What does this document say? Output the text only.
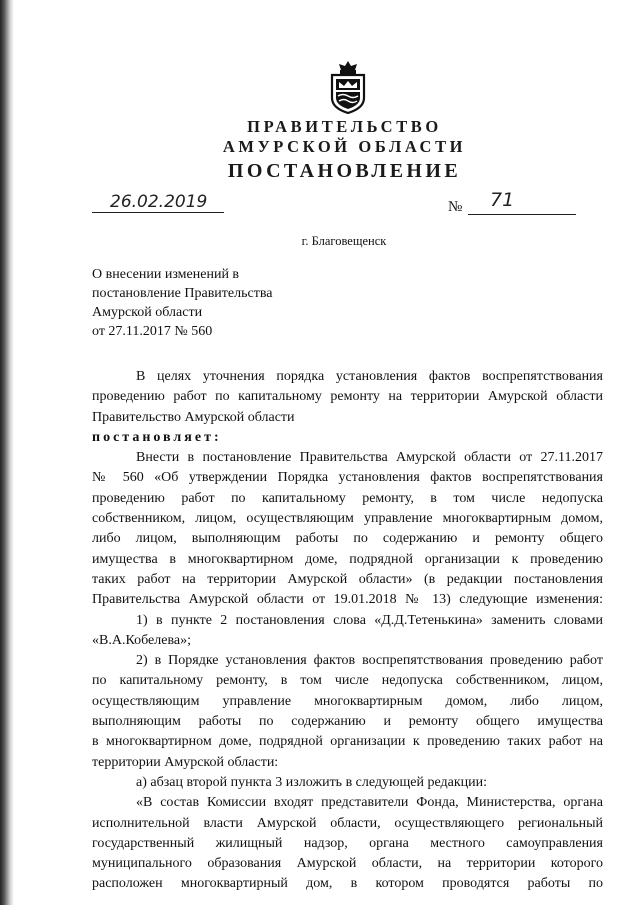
ПРАВИТЕЛЬСТВО
АМУРСКОЙ ОБЛАСТИ
ПОСТАНОВЛЕНИЕ
26.02.2019	№ 71
г. Благовещенск
О внесении изменений в
постановление Правительства
Амурской области
от 27.11.2017 № 560
В целях уточнения порядка установления фактов воспрепятствования
проведению работ по капитальному ремонту на территории Амурской области
Правительство Амурской области
постановляет:
Внести в постановление Правительства Амурской области от 27.11.2017
№ 560 «Об утверждении Порядка установления фактов воспрепятствования
проведению работ по капитальному ремонту, в том числе недопуска
собственником, лицом, осуществляющим управление многоквартирным домом,
либо лицом, выполняющим работы по содержанию и ремонту общего
имущества в многоквартирном доме, подрядной организации к проведению
таких работ на территории Амурской области» (в редакции постановления
Правительства Амурской области от 19.01.2018 № 13) следующие изменения:
1) в пункте 2 постановления слова «Д.Д.Тетенькина» заменить словами
«В.А.Кобелева»;
2) в Порядке установления фактов воспрепятствования проведению работ
по капитальному ремонту, в том числе недопуска собственником, лицом,
осуществляющим управление многоквартирным домом, либо лицом,
выполняющим работы по содержанию и ремонту общего имущества
в многоквартирном доме, подрядной организации к проведению таких работ на
территории Амурской области:
а) абзац второй пункта 3 изложить в следующей редакции:
«В состав Комиссии входят представители Фонда, Министерства, органа
исполнительной власти Амурской области, осуществляющего региональный
государственный жилищный надзор, органа местного самоуправления
муниципального образования Амурской области, на территории которого
расположен многоквартирный дом, в котором проводятся работы по
